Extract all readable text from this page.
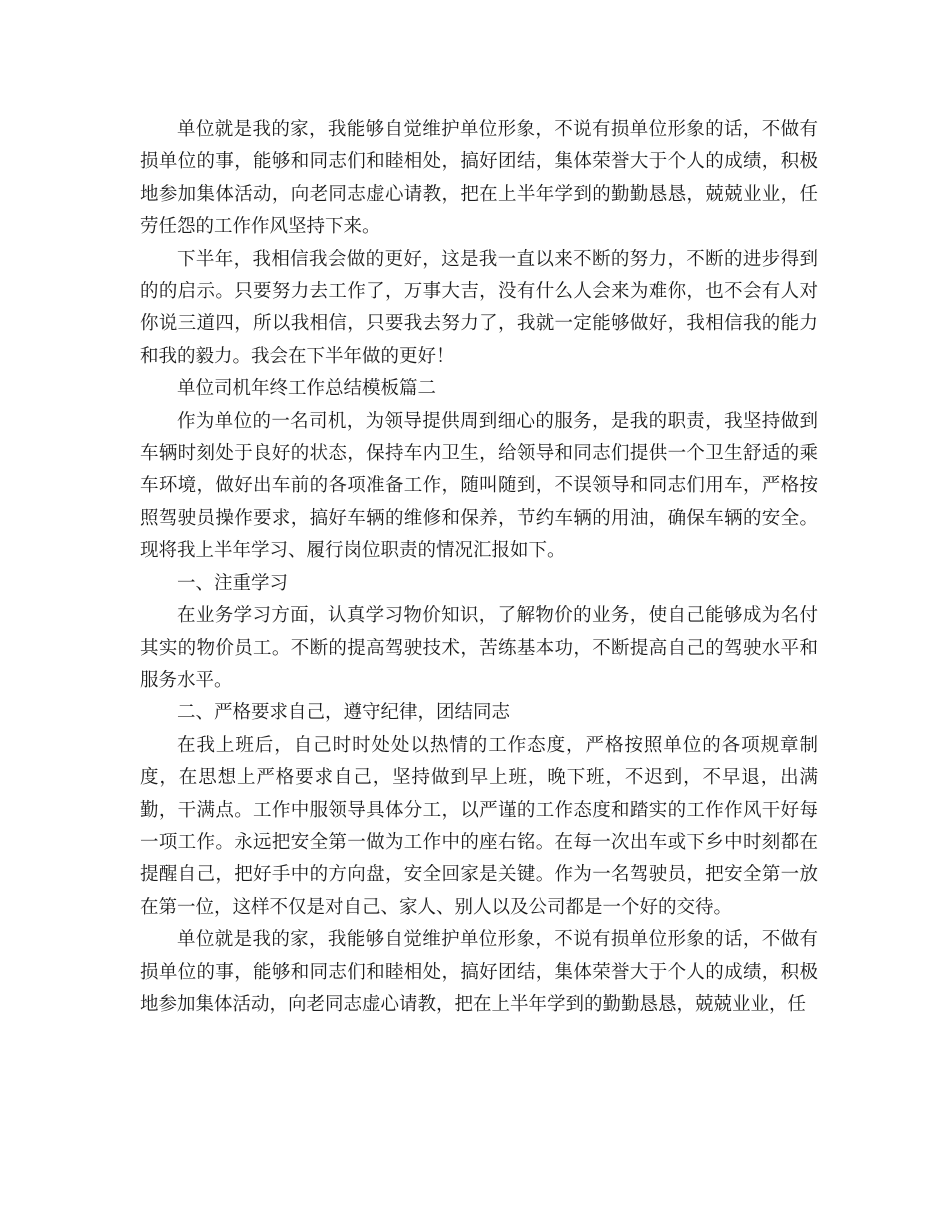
单位就是我的家，我能够自觉维护单位形象，不说有损单位形象的话，不做有损单位的事，能够和同志们和睦相处，搞好团结，集体荣誉大于个人的成绩，积极地参加集体活动，向老同志虚心请教，把在上半年学到的勤勤恳恳，兢兢业业，任劳任怨的工作作风坚持下来。

下半年，我相信我会做的更好，这是我一直以来不断的努力，不断的进步得到的的启示。只要努力去工作了，万事大吉，没有什么人会来为难你，也不会有人对你说三道四，所以我相信，只要我去努力了，我就一定能够做好，我相信我的能力和我的毅力。我会在下半年做的更好！

单位司机年终工作总结模板篇二

作为单位的一名司机，为领导提供周到细心的服务，是我的职责，我坚持做到车辆时刻处于良好的状态，保持车内卫生，给领导和同志们提供一个卫生舒适的乘车环境，做好出车前的各项准备工作，随叫随到，不误领导和同志们用车，严格按照驾驶员操作要求，搞好车辆的维修和保养，节约车辆的用油，确保车辆的安全。现将我上半年学习、履行岗位职责的情况汇报如下。

一、注重学习

在业务学习方面，认真学习物价知识，了解物价的业务，使自己能够成为名付其实的物价员工。不断的提高驾驶技术，苦练基本功，不断提高自己的驾驶水平和服务水平。

二、严格要求自己，遵守纪律，团结同志

在我上班后，自己时时处处以热情的工作态度，严格按照单位的各项规章制度，在思想上严格要求自己，坚持做到早上班，晚下班，不迟到，不早退，出满勤，干满点。工作中服领导具体分工，以严谨的工作态度和踏实的工作作风干好每一项工作。永远把安全第一做为工作中的座右铭。在每一次出车或下乡中时刻都在提醒自己，把好手中的方向盘，安全回家是关键。作为一名驾驶员，把安全第一放在第一位，这样不仅是对自己、家人、别人以及公司都是一个好的交待。

单位就是我的家，我能够自觉维护单位形象，不说有损单位形象的话，不做有损单位的事，能够和同志们和睦相处，搞好团结，集体荣誉大于个人的成绩，积极地参加集体活动，向老同志虚心请教，把在上半年学到的勤勤恳恳，兢兢业业，任
